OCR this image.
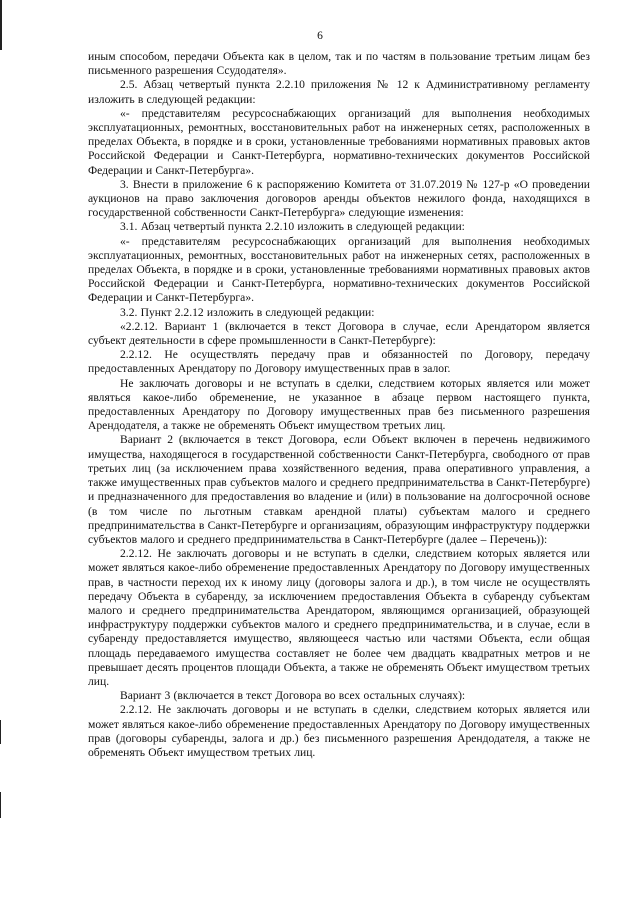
6

иным способом, передачи Объекта как в целом, так и по частям в пользование третьим лицам без письменного разрешения Ссудодателя».

2.5. Абзац четвертый пункта 2.2.10 приложения № 12 к Административному регламенту изложить в следующей редакции:

«- представителям ресурсоснабжающих организаций для выполнения необходимых эксплуатационных, ремонтных, восстановительных работ на инженерных сетях, расположенных в пределах Объекта, в порядке и в сроки, установленные требованиями нормативных правовых актов Российской Федерации и Санкт-Петербурга, нормативно-технических документов Российской Федерации и Санкт-Петербурга».

3. Внести в приложение 6 к распоряжению Комитета от 31.07.2019 № 127-р «О проведении аукционов на право заключения договоров аренды объектов нежилого фонда, находящихся в государственной собственности Санкт-Петербурга» следующие изменения:

3.1. Абзац четвертый пункта 2.2.10 изложить в следующей редакции:

«- представителям ресурсоснабжающих организаций для выполнения необходимых эксплуатационных, ремонтных, восстановительных работ на инженерных сетях, расположенных в пределах Объекта, в порядке и в сроки, установленные требованиями нормативных правовых актов Российской Федерации и Санкт-Петербурга, нормативно-технических документов Российской Федерации и Санкт-Петербурга».

3.2. Пункт 2.2.12 изложить в следующей редакции:

«2.2.12. Вариант 1 (включается в текст Договора в случае, если Арендатором является субъект деятельности в сфере промышленности в Санкт-Петербурге):

2.2.12. Не осуществлять передачу прав и обязанностей по Договору, передачу предоставленных Арендатору по Договору имущественных прав в залог.

Не заключать договоры и не вступать в сделки, следствием которых является или может являться какое-либо обременение, не указанное в абзаце первом настоящего пункта, предоставленных Арендатору по Договору имущественных прав без письменного разрешения Арендодателя, а также не обременять Объект имуществом третьих лиц.

Вариант 2 (включается в текст Договора, если Объект включен в перечень недвижимого имущества, находящегося в государственной собственности Санкт-Петербурга, свободного от прав третьих лиц (за исключением права хозяйственного ведения, права оперативного управления, а также имущественных прав субъектов малого и среднего предпринимательства в Санкт-Петербурге) и предназначенного для предоставления во владение и (или) в пользование на долгосрочной основе (в том числе по льготным ставкам арендной платы) субъектам малого и среднего предпринимательства в Санкт-Петербурге и организациям, образующим инфраструктуру поддержки субъектов малого и среднего предпринимательства в Санкт-Петербурге (далее – Перечень)):

2.2.12. Не заключать договоры и не вступать в сделки, следствием которых является или может являться какое-либо обременение предоставленных Арендатору по Договору имущественных прав, в частности переход их к иному лицу (договоры залога и др.), в том числе не осуществлять передачу Объекта в субаренду, за исключением предоставления Объекта в субаренду субъектам малого и среднего предпринимательства Арендатором, являющимся организацией, образующей инфраструктуру поддержки субъектов малого и среднего предпринимательства, и в случае, если в субаренду предоставляется имущество, являющееся частью или частями Объекта, если общая площадь передаваемого имущества составляет не более чем двадцать квадратных метров и не превышает десять процентов площади Объекта, а также не обременять Объект имуществом третьих лиц.

Вариант 3 (включается в текст Договора во всех остальных случаях):

2.2.12. Не заключать договоры и не вступать в сделки, следствием которых является или может являться какое-либо обременение предоставленных Арендатору по Договору имущественных прав (договоры субаренды, залога и др.) без письменного разрешения Арендодателя, а также не обременять Объект имуществом третьих лиц.
